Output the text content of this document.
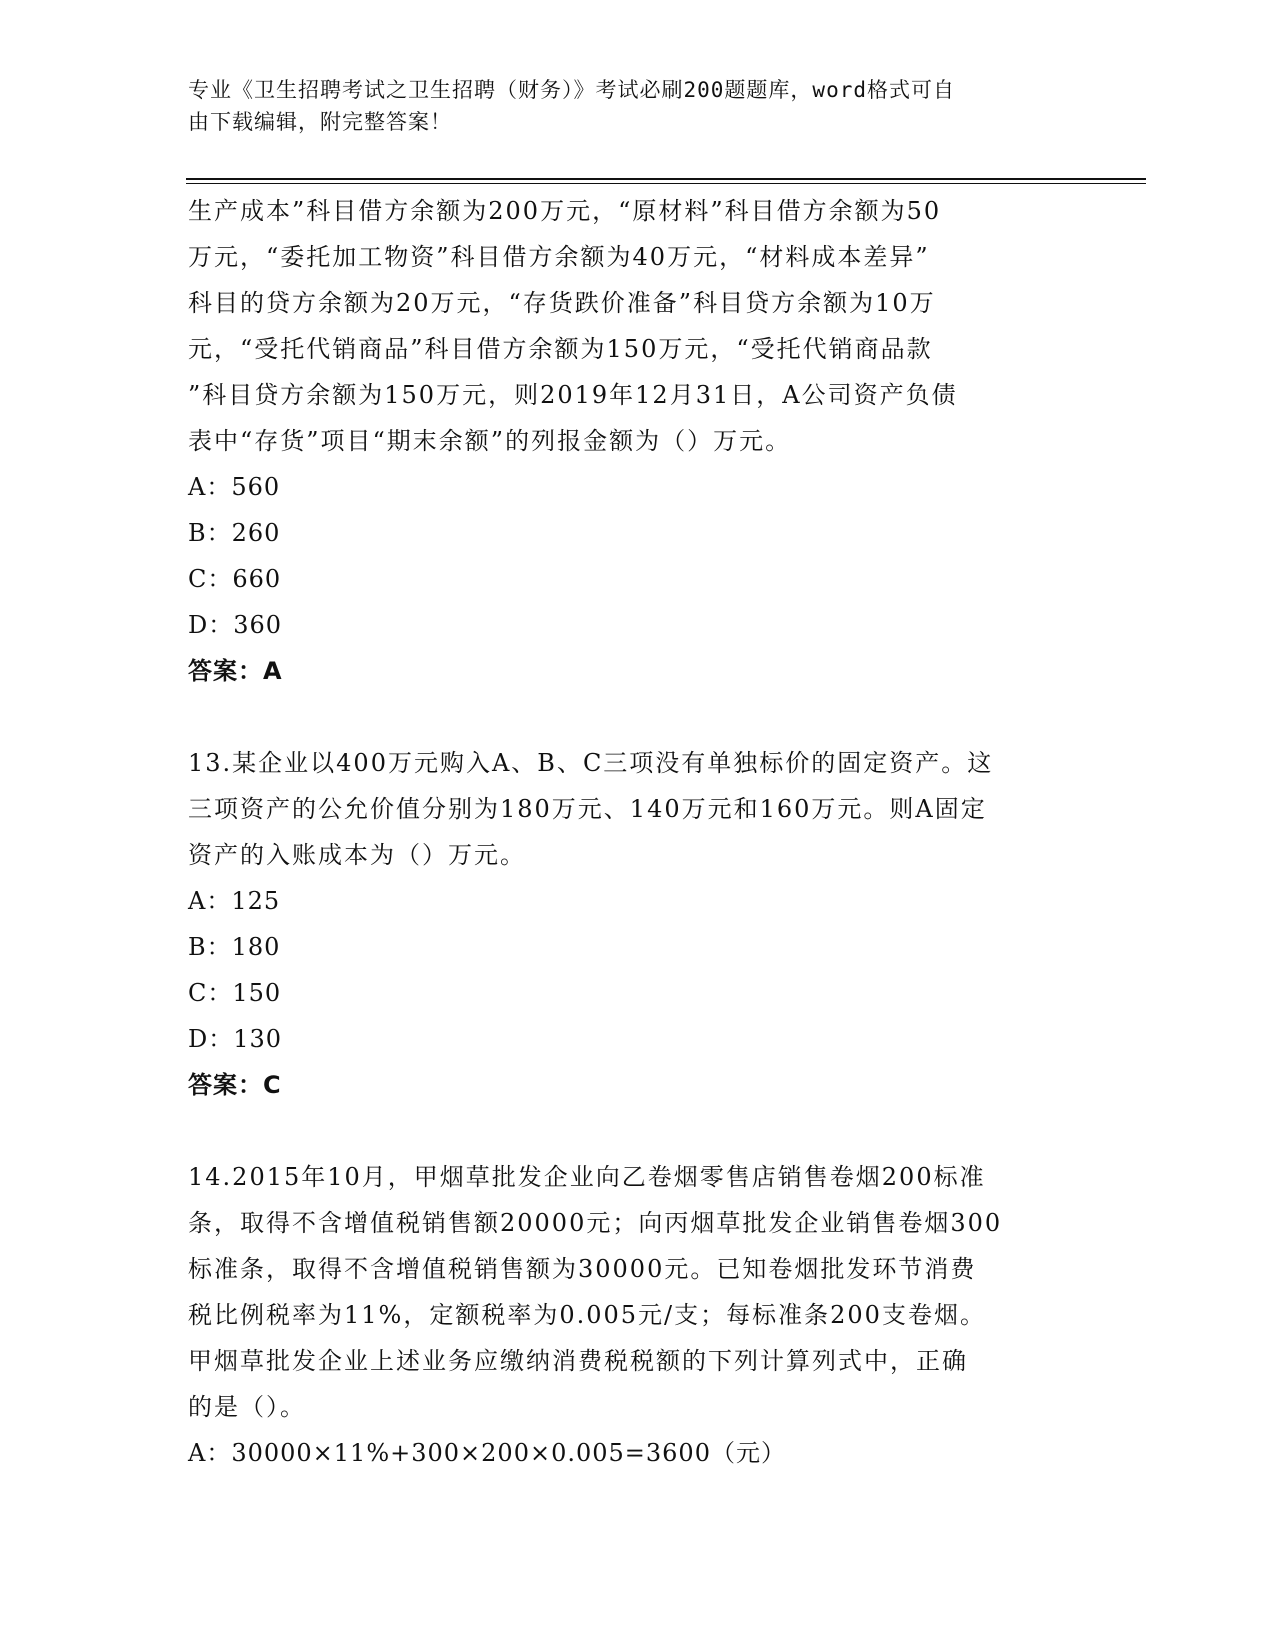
专业《卫生招聘考试之卫生招聘（财务）》考试必刷200题题库，word格式可自
由下载编辑，附完整答案！

生产成本”科目借方余额为200万元，“原材料”科目借方余额为50

万元，“委托加工物资”科目借方余额为40万元，“材料成本差异”

科目的贷方余额为20万元，“存货跌价准备”科目贷方余额为10万

元，“受托代销商品”科目借方余额为150万元，“受托代销商品款

”科目贷方余额为150万元，则2019年12月31日，A公司资产负债

表中“存货”项目“期末余额”的列报金额为（）万元。

A：560

B：260

C：660

D：360

答案：A

13.某企业以400万元购入A、B、C三项没有单独标价的固定资产。这

三项资产的公允价值分别为180万元、140万元和160万元。则A固定

资产的入账成本为（）万元。

A：125

B：180

C：150

D：130

答案：C

14.2015年10月，甲烟草批发企业向乙卷烟零售店销售卷烟200标准

条，取得不含增值税销售额20000元；向丙烟草批发企业销售卷烟300

标准条，取得不含增值税销售额为30000元。已知卷烟批发环节消费

税比例税率为11%，定额税率为0.005元/支；每标准条200支卷烟。

甲烟草批发企业上述业务应缴纳消费税税额的下列计算列式中，正确

的是（）。

A：30000×11%+300×200×0.005=3600（元）
